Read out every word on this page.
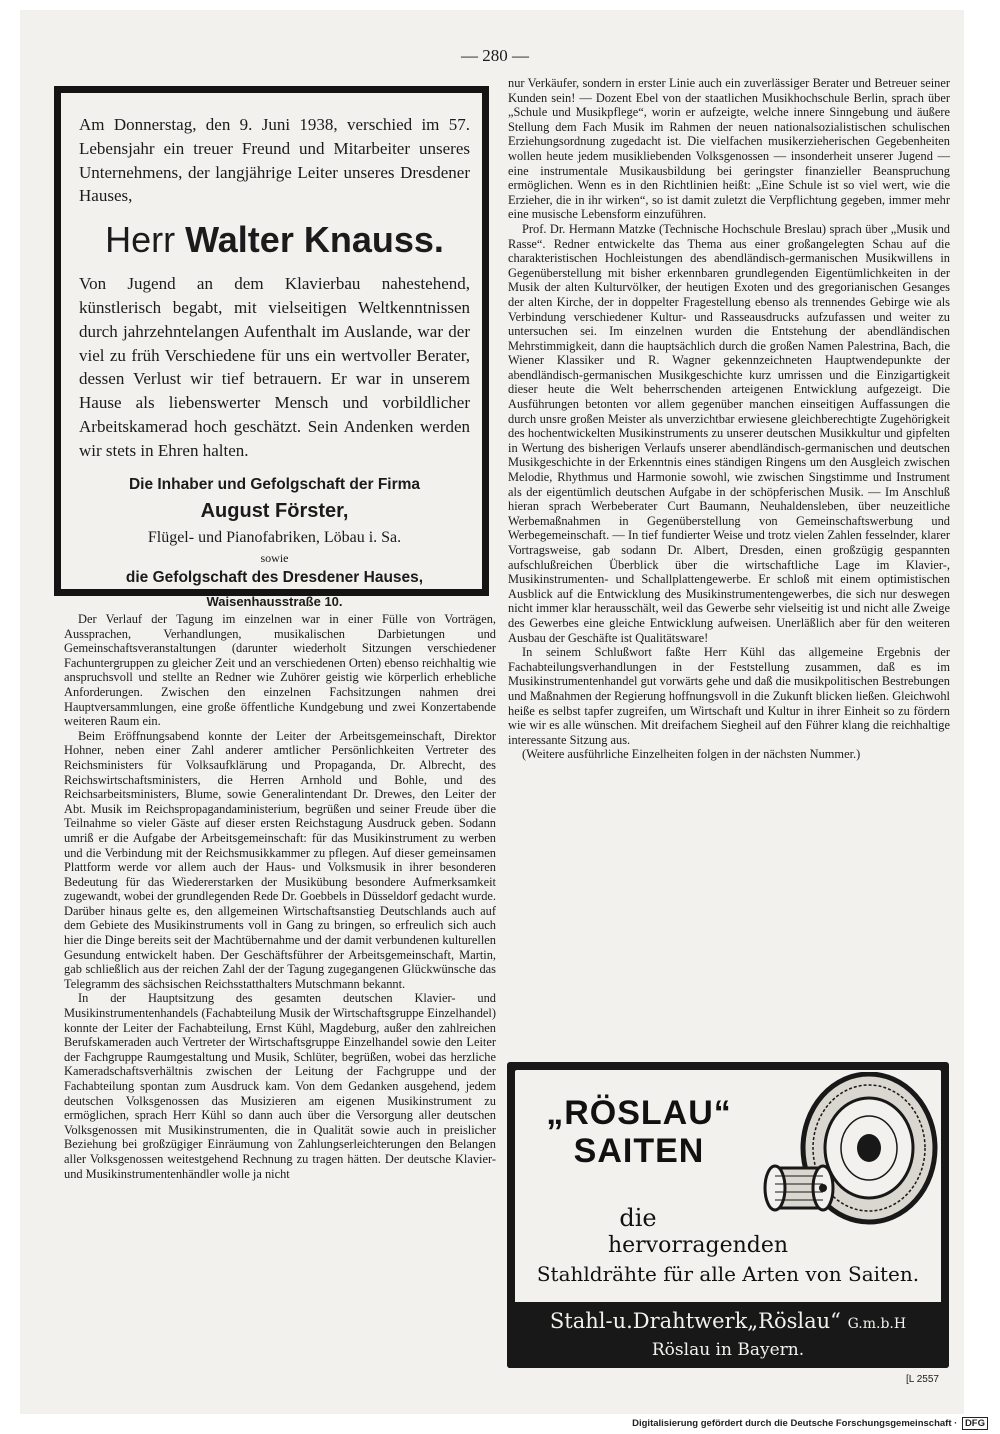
— 280 —

Am Donnerstag, den 9. Juni 1938, verschied im 57. Lebensjahr ein treuer Freund und Mitarbeiter unseres Unternehmens, der langjährige Leiter unseres Dresdener Hauses,

Herr Walter Knauss.

Von Jugend an dem Klavierbau nahestehend, künstlerisch begabt, mit vielseitigen Weltkenntnissen durch jahrzehntelangen Aufenthalt im Auslande, war der viel zu früh Verschiedene für uns ein wertvoller Berater, dessen Verlust wir tief betrauern. Er war in unserem Hause als liebenswerter Mensch und vorbildlicher Arbeitskamerad hoch geschätzt. Sein Andenken werden wir stets in Ehren halten.

Die Inhaber und Gefolgschaft der Firma
August Förster,
Flügel- und Pianofabriken, Löbau i. Sa.
sowie
die Gefolgschaft des Dresdener Hauses,
Waisenhausstraße 10.

Der Verlauf der Tagung im einzelnen war in einer Fülle von Vorträgen, Aussprachen, Verhandlungen, musikalischen Darbietungen und Gemeinschaftsveranstaltungen (darunter wiederholt Sitzungen verschiedener Fachuntergruppen zu gleicher Zeit und an verschiedenen Orten) ebenso reichhaltig wie anspruchsvoll und stellte an Redner wie Zuhörer geistig wie körperlich erhebliche Anforderungen. Zwischen den einzelnen Fachsitzungen nahmen drei Hauptversammlungen, eine große öffentliche Kundgebung und zwei Konzertabende weiteren Raum ein.

Beim Eröffnungsabend konnte der Leiter der Arbeitsgemeinschaft, Direktor Hohner, neben einer Zahl anderer amtlicher Persönlichkeiten Vertreter des Reichsministers für Volksaufklärung und Propaganda, Dr. Albrecht, des Reichswirtschaftsministers, die Herren Arnhold und Bohle, und des Reichsarbeitsministers, Blume, sowie Generalintendant Dr. Drewes, den Leiter der Abt. Musik im Reichspropagandaministerium, begrüßen und seiner Freude über die Teilnahme so vieler Gäste auf dieser ersten Reichstagung Ausdruck geben. Sodann umriß er die Aufgabe der Arbeitsgemeinschaft: für das Musikinstrument zu werben und die Verbindung mit der Reichsmusikkammer zu pflegen. Auf dieser gemeinsamen Plattform werde vor allem auch der Haus- und Volksmusik in ihrer besonderen Bedeutung für das Wiedererstarken der Musikübung besondere Aufmerksamkeit zugewandt, wobei der grundlegenden Rede Dr. Goebbels in Düsseldorf gedacht wurde. Darüber hinaus gelte es, den allgemeinen Wirtschaftsanstieg Deutschlands auch auf dem Gebiete des Musikinstruments voll in Gang zu bringen, so erfreulich sich auch hier die Dinge bereits seit der Machtübernahme und der damit verbundenen kulturellen Gesundung entwickelt haben. Der Geschäftsführer der Arbeitsgemeinschaft, Martin, gab schließlich aus der reichen Zahl der der Tagung zugegangenen Glückwünsche das Telegramm des sächsischen Reichsstatthalters Mutschmann bekannt.

In der Hauptsitzung des gesamten deutschen Klavier- und Musikinstrumentenhandels (Fachabteilung Musik der Wirtschaftsgruppe Einzelhandel) konnte der Leiter der Fachabteilung, Ernst Kühl, Magdeburg, außer den zahlreichen Berufskameraden auch Vertreter der Wirtschaftsgruppe Einzelhandel sowie den Leiter der Fachgruppe Raumgestaltung und Musik, Schlüter, begrüßen, wobei das herzliche Kameradschaftsverhältnis zwischen der Leitung der Fachgruppe und der Fachabteilung spontan zum Ausdruck kam. Von dem Gedanken ausgehend, jedem deutschen Volksgenossen das Musizieren am eigenen Musikinstrument zu ermöglichen, sprach Herr Kühl so dann auch über die Versorgung aller deutschen Volksgenossen mit Musikinstrumenten, die in Qualität sowie auch in preislicher Beziehung bei großzügiger Einräumung von Zahlungserleichterungen den Belangen aller Volksgenossen weitestgehend Rechnung zu tragen hätten. Der deutsche Klavier- und Musikinstrumentenhändler wolle ja nicht

nur Verkäufer, sondern in erster Linie auch ein zuverlässiger Berater und Betreuer seiner Kunden sein! — Dozent Ebel von der staatlichen Musikhochschule Berlin, sprach über „Schule und Musikpflege“, worin er aufzeigte, welche innere Sinngebung und äußere Stellung dem Fach Musik im Rahmen der neuen nationalsozialistischen schulischen Erziehungsordnung zugedacht ist. Die vielfachen musikerzieherischen Gegebenheiten wollen heute jedem musikliebenden Volksgenossen — insonderheit unserer Jugend — eine instrumentale Musikausbildung bei geringster finanzieller Beanspruchung ermöglichen. Wenn es in den Richtlinien heißt: „Eine Schule ist so viel wert, wie die Erzieher, die in ihr wirken“, so ist damit zuletzt die Verpflichtung gegeben, immer mehr eine musische Lebensform einzuführen.

Prof. Dr. Hermann Matzke (Technische Hochschule Breslau) sprach über „Musik und Rasse“. Redner entwickelte das Thema aus einer großangelegten Schau auf die charakteristischen Hochleistungen des abendländisch-germanischen Musikwillens in Gegenüberstellung mit bisher erkennbaren grundlegenden Eigentümlichkeiten in der Musik der alten Kulturvölker, der heutigen Exoten und des gregorianischen Gesanges der alten Kirche, der in doppelter Fragestellung ebenso als trennendes Gebirge wie als Verbindung verschiedener Kultur- und Rasseausdrucks aufzufassen und weiter zu untersuchen sei. Im einzelnen wurden die Entstehung der abendländischen Mehrstimmigkeit, dann die hauptsächlich durch die großen Namen Palestrina, Bach, die Wiener Klassiker und R. Wagner gekennzeichneten Hauptwendepunkte der abendländisch-germanischen Musikgeschichte kurz umrissen und die Einzigartigkeit dieser heute die Welt beherrschenden arteigenen Entwicklung aufgezeigt. Die Ausführungen betonten vor allem gegenüber manchen einseitigen Auffassungen die durch unsre großen Meister als unverzichtbar erwiesene gleichberechtigte Zugehörigkeit des hochentwickelten Musikinstruments zu unserer deutschen Musikkultur und gipfelten in Wertung des bisherigen Verlaufs unserer abendländisch-germanischen und deutschen Musikgeschichte in der Erkenntnis eines ständigen Ringens um den Ausgleich zwischen Melodie, Rhythmus und Harmonie sowohl, wie zwischen Singstimme und Instrument als der eigentümlich deutschen Aufgabe in der schöpferischen Musik. — Im Anschluß hieran sprach Werbeberater Curt Baumann, Neuhaldensleben, über neuzeitliche Werbemaßnahmen in Gegenüberstellung von Gemeinschaftswerbung und Werbegemeinschaft. — In tief fundierter Weise und trotz vielen Zahlen fesselnder, klarer Vortragsweise, gab sodann Dr. Albert, Dresden, einen großzügig gespannten aufschlußreichen Überblick über die wirtschaftliche Lage im Klavier-, Musikinstrumenten- und Schallplattengewerbe. Er schloß mit einem optimistischen Ausblick auf die Entwicklung des Musikinstrumentengewerbes, die sich nur deswegen nicht immer klar herausschält, weil das Gewerbe sehr vielseitig ist und nicht alle Zweige des Gewerbes eine gleiche Entwicklung aufweisen. Unerläßlich aber für den weiteren Ausbau der Geschäfte ist Qualitätsware!

In seinem Schlußwort faßte Herr Kühl das allgemeine Ergebnis der Fachabteilungsverhandlungen in der Feststellung zusammen, daß es im Musikinstrumentenhandel gut vorwärts gehe und daß die musikpolitischen Bestrebungen und Maßnahmen der Regierung hoffnungsvoll in die Zukunft blicken ließen. Gleichwohl heiße es selbst tapfer zugreifen, um Wirtschaft und Kultur in ihrer Einheit so zu fördern wie wir es alle wünschen. Mit dreifachem Siegheil auf den Führer klang die reichhaltige interessante Sitzung aus.

(Weitere ausführliche Einzelheiten folgen in der nächsten Nummer.)

„RÖSLAU“
SAITEN
die
hervorragenden
Stahldrähte für alle Arten von Saiten.
Stahl-u.Drahtwerk„Röslau“ G.m.b.H
Röslau in Bayern.
[L 2557
Digitalisierung gefördert durch die Deutsche Forschungsgemeinschaft · DFG
